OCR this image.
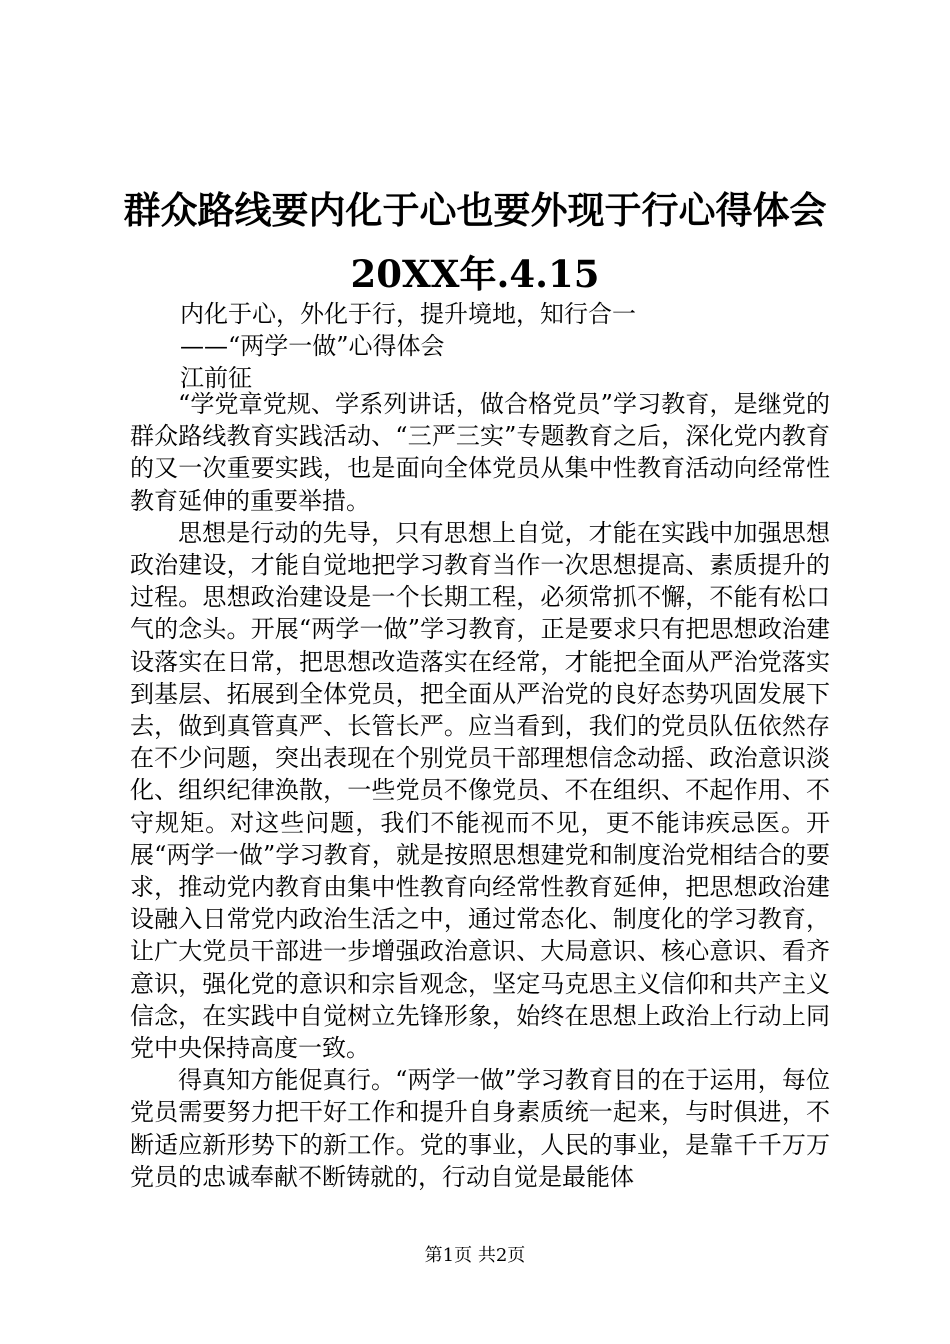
群众路线要内化于心也要外现于行心得体会
20XX年.4.15
内化于心，外化于行，提升境地，知行合一
——“两学一做”心得体会
江前征

“学党章党规、学系列讲话，做合格党员”学习教育，是继党的群众路线教育实践活动、“三严三实”专题教育之后，深化党内教育的又一次重要实践，也是面向全体党员从集中性教育活动向经常性教育延伸的重要举措。

思想是行动的先导，只有思想上自觉，才能在实践中加强思想政治建设，才能自觉地把学习教育当作一次思想提高、素质提升的过程。思想政治建设是一个长期工程，必须常抓不懈，不能有松口气的念头。开展“两学一做”学习教育，正是要求只有把思想政治建设落实在日常，把思想改造落实在经常，才能把全面从严治党落实到基层、拓展到全体党员，把全面从严治党的良好态势巩固发展下去，做到真管真严、长管长严。应当看到，我们的党员队伍依然存在不少问题，突出表现在个别党员干部理想信念动摇、政治意识淡化、组织纪律涣散，一些党员不像党员、不在组织、不起作用、不守规矩。对这些问题，我们不能视而不见，更不能讳疾忌医。开展“两学一做”学习教育，就是按照思想建党和制度治党相结合的要求，推动党内教育由集中性教育向经常性教育延伸，把思想政治建设融入日常党内政治生活之中，通过常态化、制度化的学习教育，让广大党员干部进一步增强政治意识、大局意识、核心意识、看齐意识，强化党的意识和宗旨观念，坚定马克思主义信仰和共产主义信念，在实践中自觉树立先锋形象，始终在思想上政治上行动上同党中央保持高度一致。

得真知方能促真行。“两学一做”学习教育目的在于运用，每位党员需要努力把干好工作和提升自身素质统一起来，与时俱进，不断适应新形势下的新工作。党的事业，人民的事业，是靠千千万万党员的忠诚奉献不断铸就的，行动自觉是最能体

第1页 共2页
